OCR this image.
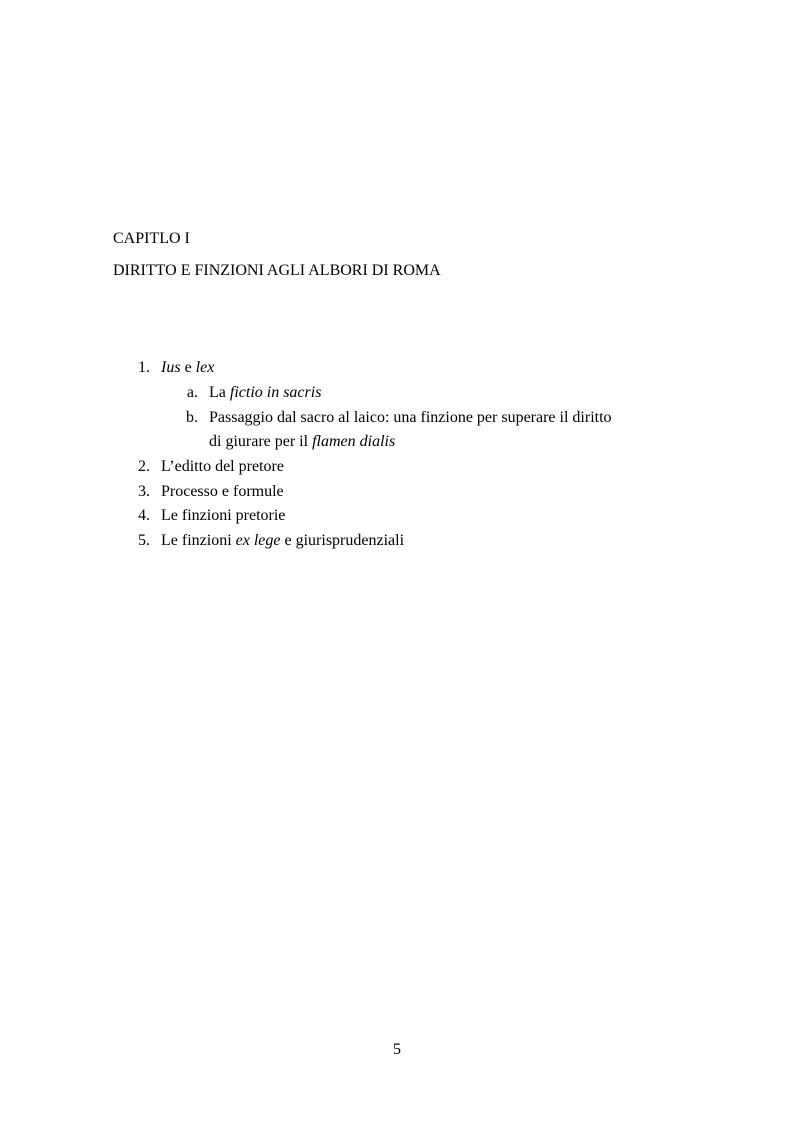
CAPITLO I
DIRITTO E FINZIONI AGLI ALBORI DI ROMA
1. Ius e lex
a. La fictio in sacris
b. Passaggio dal sacro al laico: una finzione per superare il diritto
di giurare per il flamen dialis
2. L’editto del pretore
3. Processo e formule
4. Le finzioni pretorie
5. Le finzioni ex lege e giurisprudenziali
5
